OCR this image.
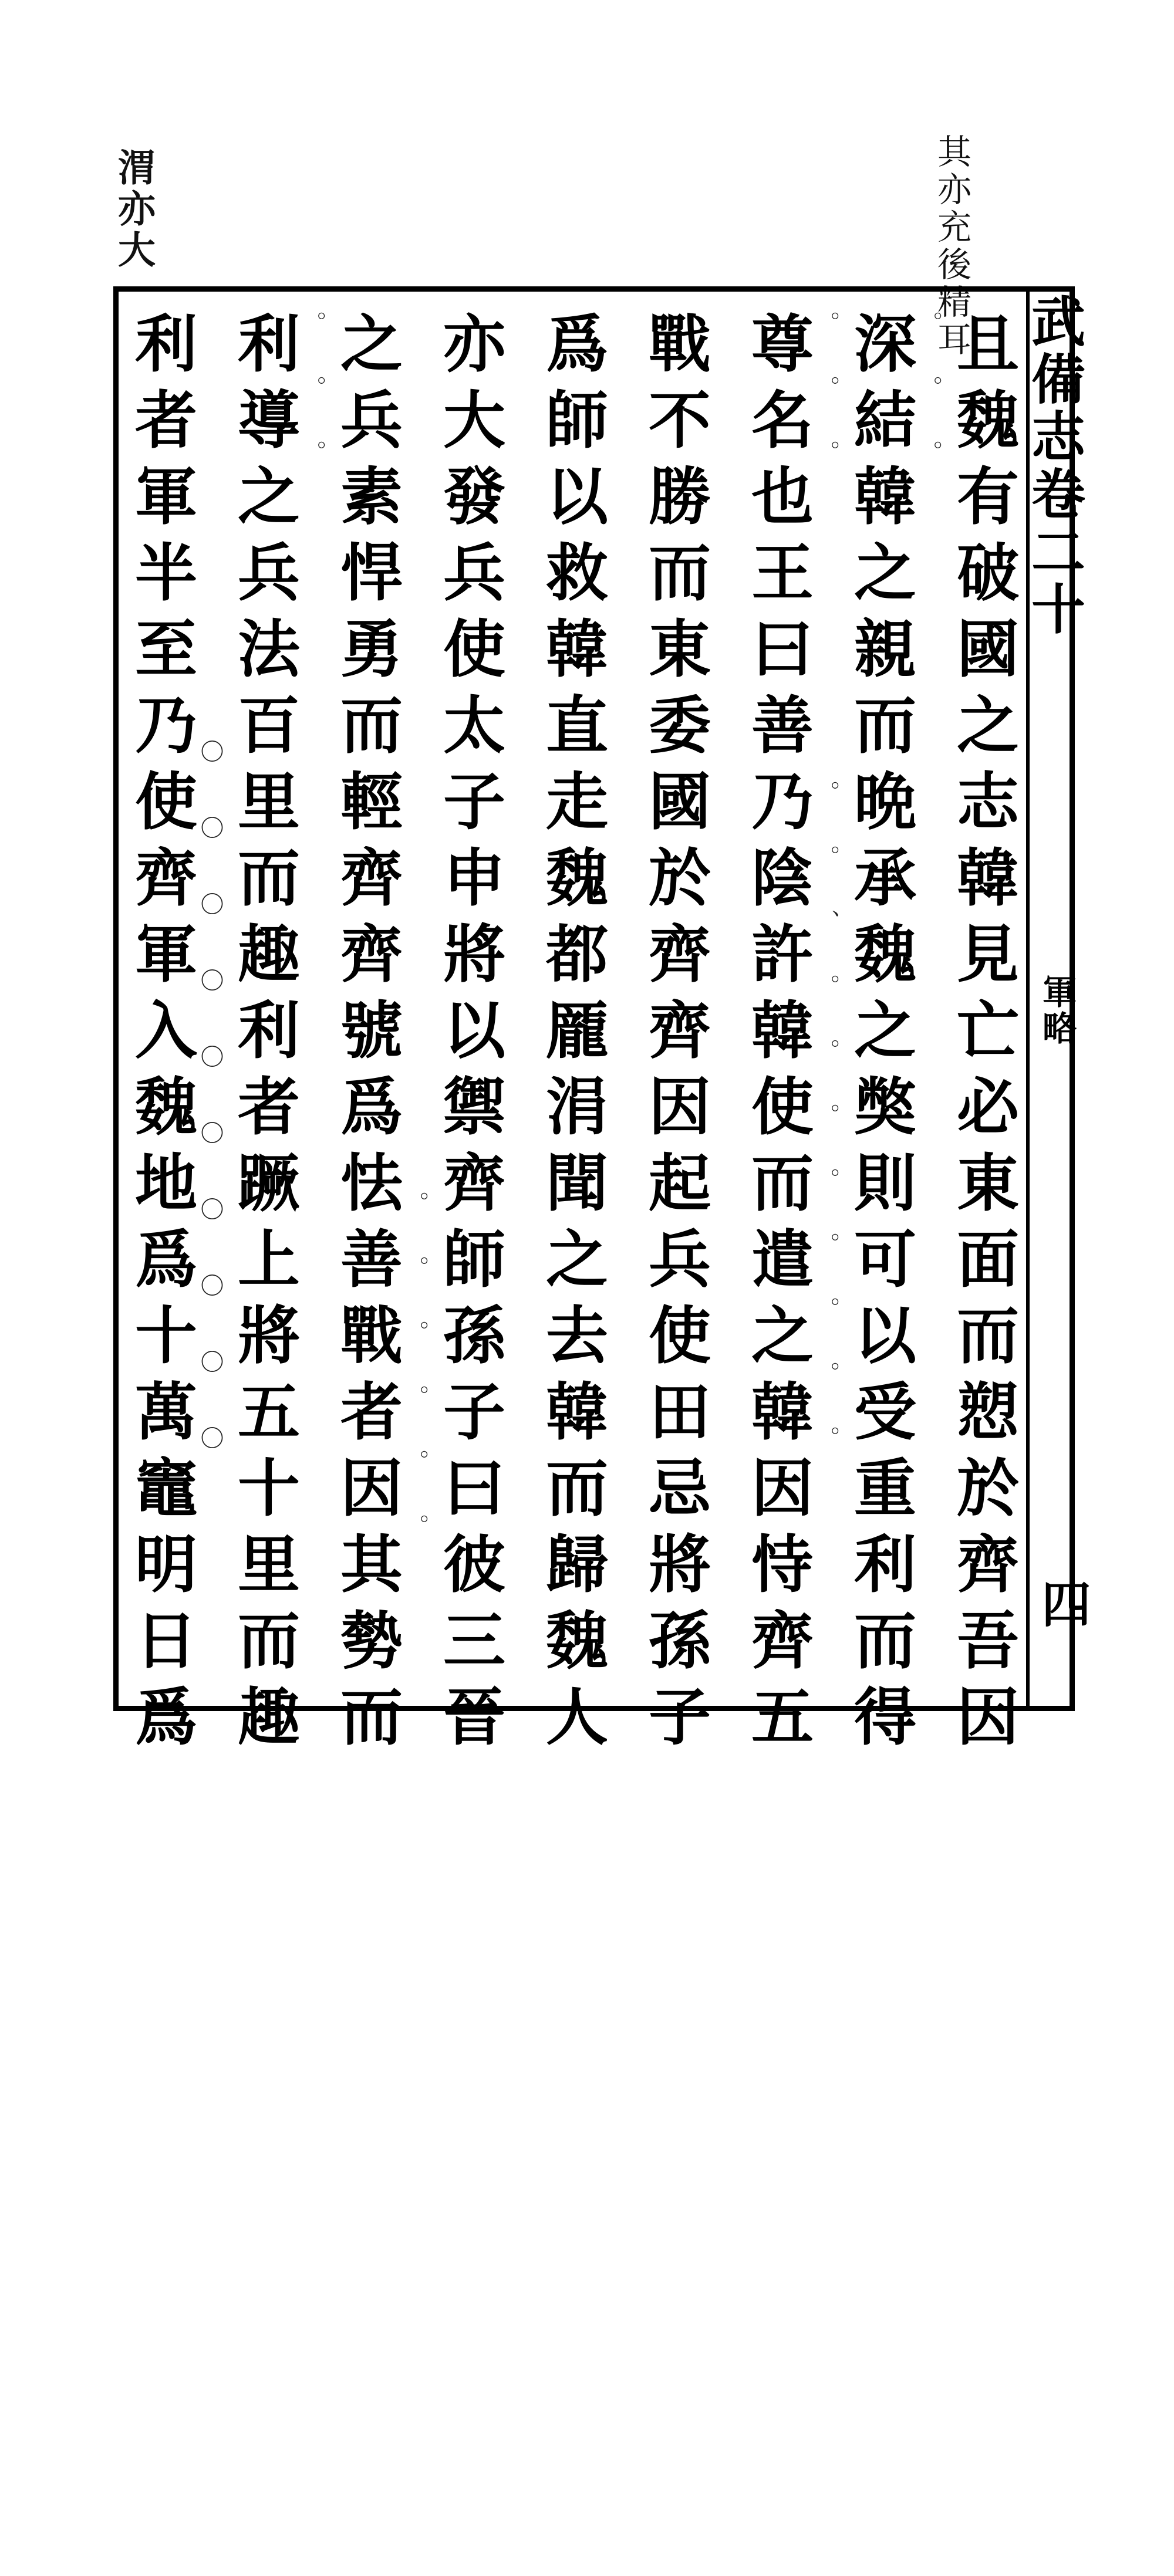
其亦充後精耳
渭亦大
武備志卷二十
軍略
四
且魏有破國之志韓見亡必東面而愬於齊吾因
深結韓之親而晩承魏之獘則可以受重利而得
尊名也王曰善乃陰許韓使而遣之韓因恃齊五
戰不勝而東委國於齊齊因起兵使田忌將孫子
爲師以救韓直走魏都龎涓聞之去韓而歸魏人
亦大發兵使太子申將以禦齊師孫子曰彼三晉
之兵素悍勇而輕齊齊號爲怯善戰者因其勢而
利導之兵法百里而趣利者蹶上將五十里而趣
利者軍半至乃使齊軍入魏地爲十萬竈明日爲	。。。
。。、。。。。。。。。
。。。
。。。。。。
。。。
〇〇〇〇〇〇〇〇〇〇
